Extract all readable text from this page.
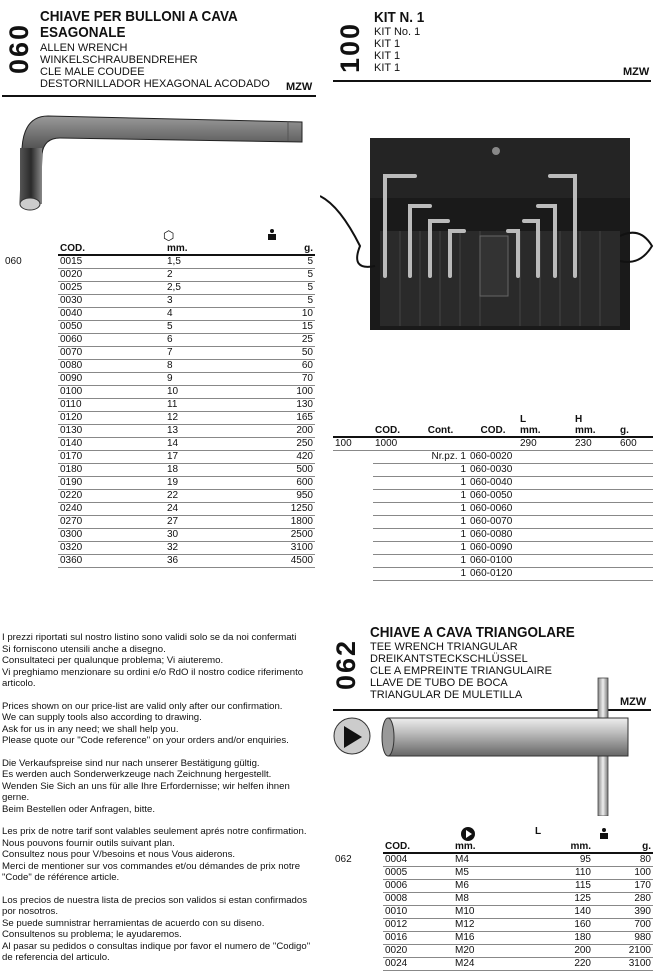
060
CHIAVE PER BULLONI A CAVA
ESAGONALE
ALLEN WRENCH
WINKELSCHRAUBENDREHER
CLE MALE COUDEE
DESTORNILLADOR HEXAGONAL ACODADO MZW
⬡
	COD.	mm.	g.
060	0015	1,5	5
	0020	2	5
	0025	2,5	5
	0030	3	5
	0040	4	10
	0050	5	15
	0060	6	25
	0070	7	50
	0080	8	60
	0090	9	70
	0100	10	100
	0110	11	130
	0120	12	165
	0130	13	200
	0140	14	250
	0170	17	420
	0180	18	500
	0190	19	600
	0220	22	950
	0240	24	1250
	0270	27	1800
	0300	30	2500
	0320	32	3100
	0360	36	4500
100
KIT N. 1
KIT No. 1
KIT 1
KIT 1
KIT 1	MZW
				L	H	
	COD.	Cont.	COD.	mm.	mm.	g.
100	1000			290	230	600
		Nr.pz. 1	060-0020			
		1	060-0030			
		1	060-0040			
		1	060-0050			
		1	060-0060			
		1	060-0070			
		1	060-0080			
		1	060-0090			
		1	060-0100			
		1	060-0120			

I prezzi riportati sul nostro listino sono validi solo se da noi confermati
Si forniscono utensili anche a disegno.
Consultateci per qualunque problema; Vi aiuteremo.
Vi preghiamo menzionare su ordini e/o RdO il nostro codice riferimento articolo.

Prices shown on our price-list are valid only after our confirmation.
We can supply tools also according to drawing.
Ask for us in any need; we shall help you.
Please quote our "Code reference" on your orders and/or enquiries.

Die Verkaufspreise sind nur nach unserer Bestätigung gültig.
Es werden auch Sonderwerkzeuge nach Zeichnung hergestellt.
Wenden Sie Sich an uns für alle Ihre Erfordernisse; wir helfen ihnen gerne.
Beim Bestellen oder Anfragen, bitte.

Les prix de notre tarif sont valables seulement aprés notre confirmation.
Nous pouvons fournir outils suivant plan.
Consultez nous pour V/besoins et nous Vous aiderons.
Merci de mentioner sur vos commandes et/ou démandes de prix notre "Code" de référence article.

Los precios de nuestra lista de precios son validos si estan confirmados por nosotros.
Se puede sumnistrar herramientas de acuerdo con su diseno.
Consultenos su problema; le ayudaremos.
Al pasar su pedidos o consultas indique por favor el numero de "Codigo" de referencia del articulo.

062
CHIAVE A CAVA TRIANGOLARE
TEE WRENCH TRIANGULAR
DREIKANTSTECKSCHLÜSSEL
CLE A EMPREINTE TRIANGULAIRE
LLAVE DE TUBO DE BOCA
TRIANGULAR DE MULETILLA
MZW
L
	COD.	mm.	mm.	g.
062	0004	M4	95	80
	0005	M5	110	100
	0006	M6	115	170
	0008	M8	125	280
	0010	M10	140	390
	0012	M12	160	700
	0016	M16	180	980
	0020	M20	200	2100
	0024	M24	220	3100
